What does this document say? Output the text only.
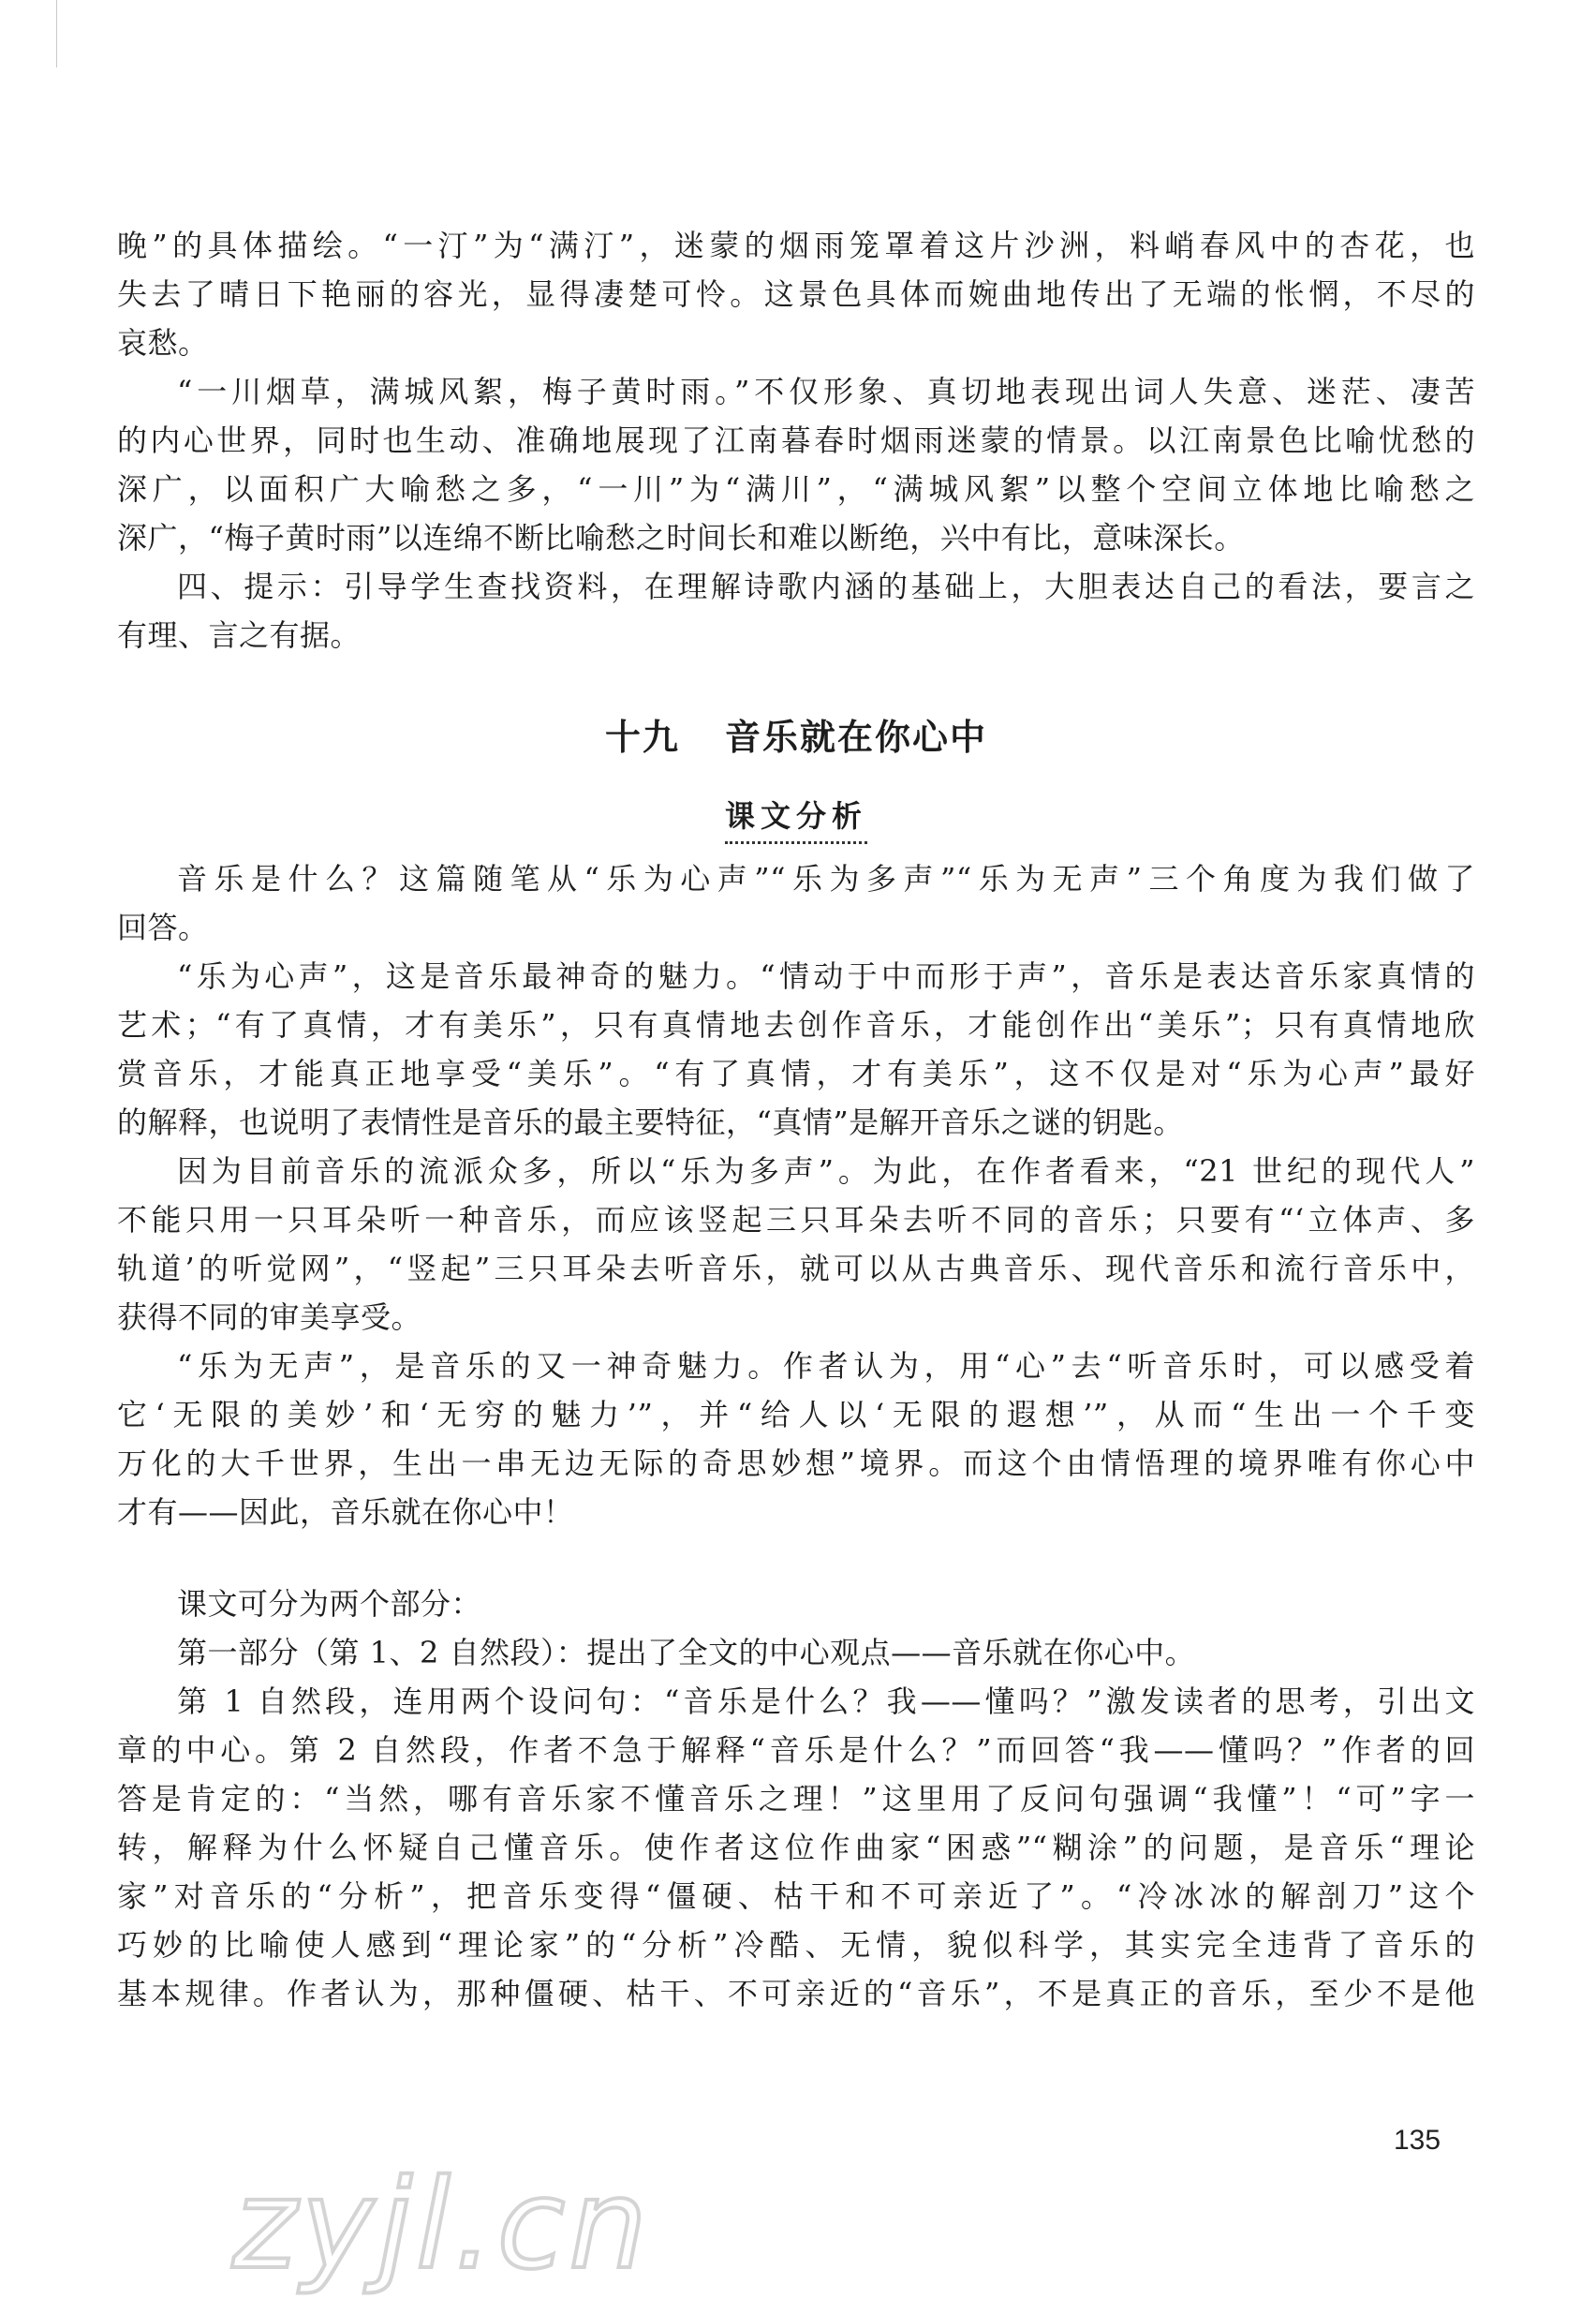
晚”的具体描绘。“一汀”为“满汀”，迷蒙的烟雨笼罩着这片沙洲，料峭春风中的杏花，也
失去了晴日下艳丽的容光，显得凄楚可怜。这景色具体而婉曲地传出了无端的怅惘，不尽的
哀愁。
“一川烟草，满城风絮，梅子黄时雨。”不仅形象、真切地表现出词人失意、迷茫、凄苦
的内心世界，同时也生动、准确地展现了江南暮春时烟雨迷蒙的情景。以江南景色比喻忧愁的
深广，以面积广大喻愁之多，“一川”为“满川”，“满城风絮”以整个空间立体地比喻愁之
深广，“梅子黄时雨”以连绵不断比喻愁之时间长和难以断绝，兴中有比，意味深长。
四、提示：引导学生查找资料，在理解诗歌内涵的基础上，大胆表达自己的看法，要言之
有理、言之有据。
十九 音乐就在你心中
课文分析
音乐是什么？这篇随笔从“乐为心声”“乐为多声”“乐为无声”三个角度为我们做了
回答。
“乐为心声”，这是音乐最神奇的魅力。“情动于中而形于声”，音乐是表达音乐家真情的
艺术；“有了真情，才有美乐”，只有真情地去创作音乐，才能创作出“美乐”；只有真情地欣
赏音乐，才能真正地享受“美乐”。“有了真情，才有美乐”，这不仅是对“乐为心声”最好
的解释，也说明了表情性是音乐的最主要特征，“真情”是解开音乐之谜的钥匙。
因为目前音乐的流派众多，所以“乐为多声”。为此，在作者看来，“21 世纪的现代人”
不能只用一只耳朵听一种音乐，而应该竖起三只耳朵去听不同的音乐；只要有“‘立体声、多
轨道’的听觉网”，“竖起”三只耳朵去听音乐，就可以从古典音乐、现代音乐和流行音乐中，
获得不同的审美享受。
“乐为无声”，是音乐的又一神奇魅力。作者认为，用“心”去“听音乐时，可以感受着
它‘无限的美妙’和‘无穷的魅力’”，并“给人以‘无限的遐想’”，从而“生出一个千变
万化的大千世界，生出一串无边无际的奇思妙想”境界。而这个由情悟理的境界唯有你心中
才有——因此，音乐就在你心中！
课文可分为两个部分：
第一部分（第 1、2 自然段）：提出了全文的中心观点——音乐就在你心中。
第 1 自然段，连用两个设问句：“音乐是什么？我——懂吗？”激发读者的思考，引出文
章的中心。第 2 自然段，作者不急于解释“音乐是什么？”而回答“我——懂吗？”作者的回
答是肯定的：“当然，哪有音乐家不懂音乐之理！”这里用了反问句强调“我懂”！“可”字一
转，解释为什么怀疑自己懂音乐。使作者这位作曲家“困惑”“糊涂”的问题，是音乐“理论
家”对音乐的“分析”，把音乐变得“僵硬、枯干和不可亲近了”。“冷冰冰的解剖刀”这个
巧妙的比喻使人感到“理论家”的“分析”冷酷、无情，貌似科学，其实完全违背了音乐的
基本规律。作者认为，那种僵硬、枯干、不可亲近的“音乐”，不是真正的音乐，至少不是他
135
zyjl.cn
